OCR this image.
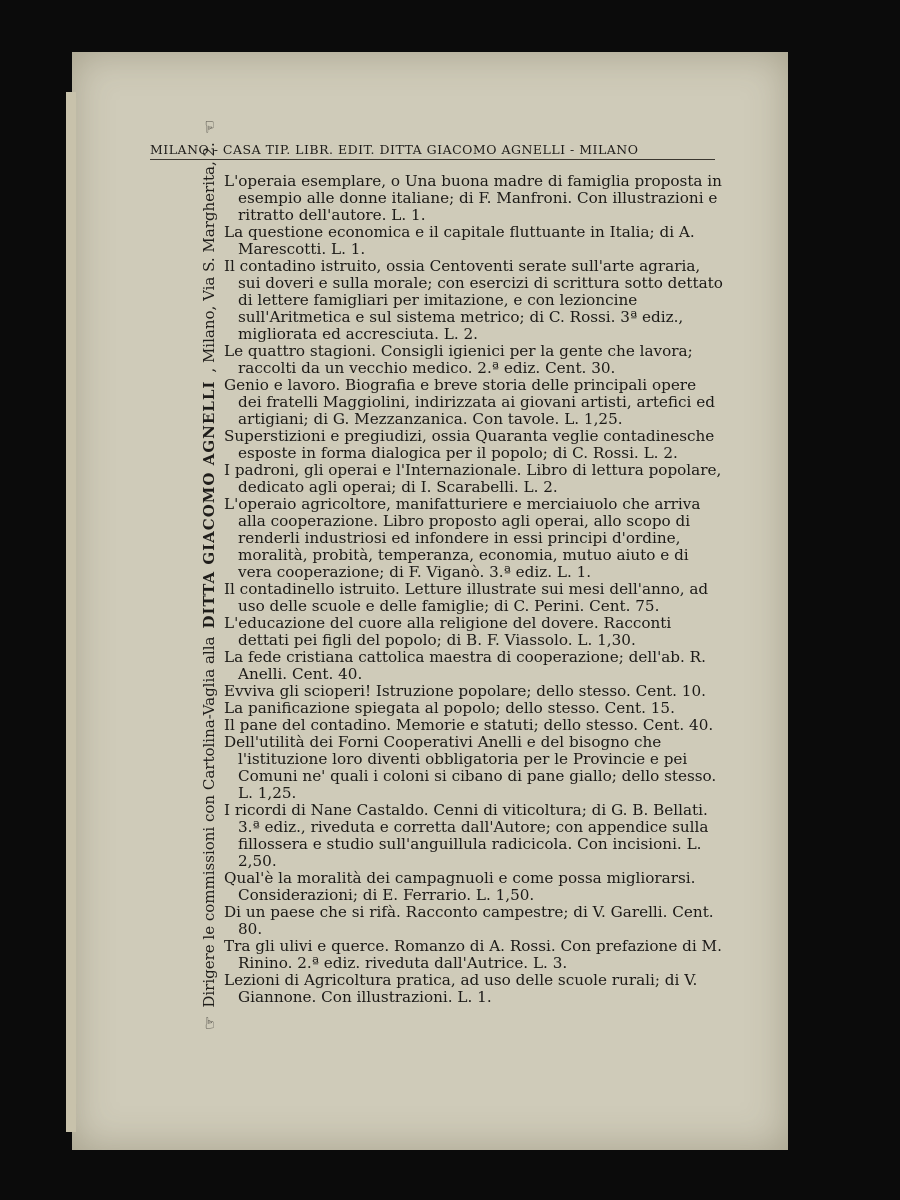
MILANO - CASA TIP. LIBR. EDIT. DITTA GIACOMO AGNELLI - MILANO
☞
Dirigere le commissioni con Cartolina-Vaglia alla
DITTA GIACOMO AGNELLI
, Milano, Via S. Margherita, 2.
☜

L'operaia esemplare, o Una buona madre di famiglia proposta in esempio alle donne italiane; di F. Manfroni. Con illustrazioni e ritratto dell'autore. L. 1.

La questione economica e il capitale fluttuante in Italia; di A. Marescotti. L. 1.

Il contadino istruito, ossia Centoventi serate sull'arte agraria, sui doveri e sulla morale; con esercizi di scrittura sotto dettato di lettere famigliari per imitazione, e con lezioncine sull'Aritmetica e sul sistema metrico; di C. Rossi. 3ª ediz., migliorata ed accresciuta. L. 2.

Le quattro stagioni. Consigli igienici per la gente che lavora; raccolti da un vecchio medico. 2.ª ediz. Cent. 30.

Genio e lavoro. Biografia e breve storia delle principali opere dei fratelli Maggiolini, indirizzata ai giovani artisti, artefici ed artigiani; di G. Mezzanzanica. Con tavole. L. 1,25.

Superstizioni e pregiudizi, ossia Quaranta veglie contadinesche esposte in forma dialogica per il popolo; di C. Rossi. L. 2.

I padroni, gli operai e l'Internazionale. Libro di lettura popolare, dedicato agli operai; di I. Scarabelli. L. 2.

L'operaio agricoltore, manifatturiere e merciaiuolo che arriva alla cooperazione. Libro proposto agli operai, allo scopo di renderli industriosi ed infondere in essi principi d'ordine, moralità, probità, temperanza, economia, mutuo aiuto e di vera cooperazione; di F. Viganò. 3.ª ediz. L. 1.

Il contadinello istruito. Letture illustrate sui mesi dell'anno, ad uso delle scuole e delle famiglie; di C. Perini. Cent. 75.

L'educazione del cuore alla religione del dovere. Racconti dettati pei figli del popolo; di B. F. Viassolo. L. 1,30.

La fede cristiana cattolica maestra di cooperazione; dell'ab. R. Anelli. Cent. 40.

Evviva gli scioperi! Istruzione popolare; dello stesso. Cent. 10.

La panificazione spiegata al popolo; dello stesso. Cent. 15.

Il pane del contadino. Memorie e statuti; dello stesso. Cent. 40.

Dell'utilità dei Forni Cooperativi Anelli e del bisogno che l'istituzione loro diventi obbligatoria per le Provincie e pei Comuni ne' quali i coloni si cibano di pane giallo; dello stesso. L. 1,25.

I ricordi di Nane Castaldo. Cenni di viticoltura; di G. B. Bellati. 3.ª ediz., riveduta e corretta dall'Autore; con appendice sulla fillossera e studio sull'anguillula radicicola. Con incisioni. L. 2,50.

Qual'è la moralità dei campagnuoli e come possa migliorarsi. Considerazioni; di E. Ferrario. L. 1,50.

Di un paese che si rifà. Racconto campestre; di V. Garelli. Cent. 80.

Tra gli ulivi e querce. Romanzo di A. Rossi. Con prefazione di M. Rinino. 2.ª ediz. riveduta dall'Autrice. L. 3.

Lezioni di Agricoltura pratica, ad uso delle scuole rurali; di V. Giannone. Con illustrazioni. L. 1.
